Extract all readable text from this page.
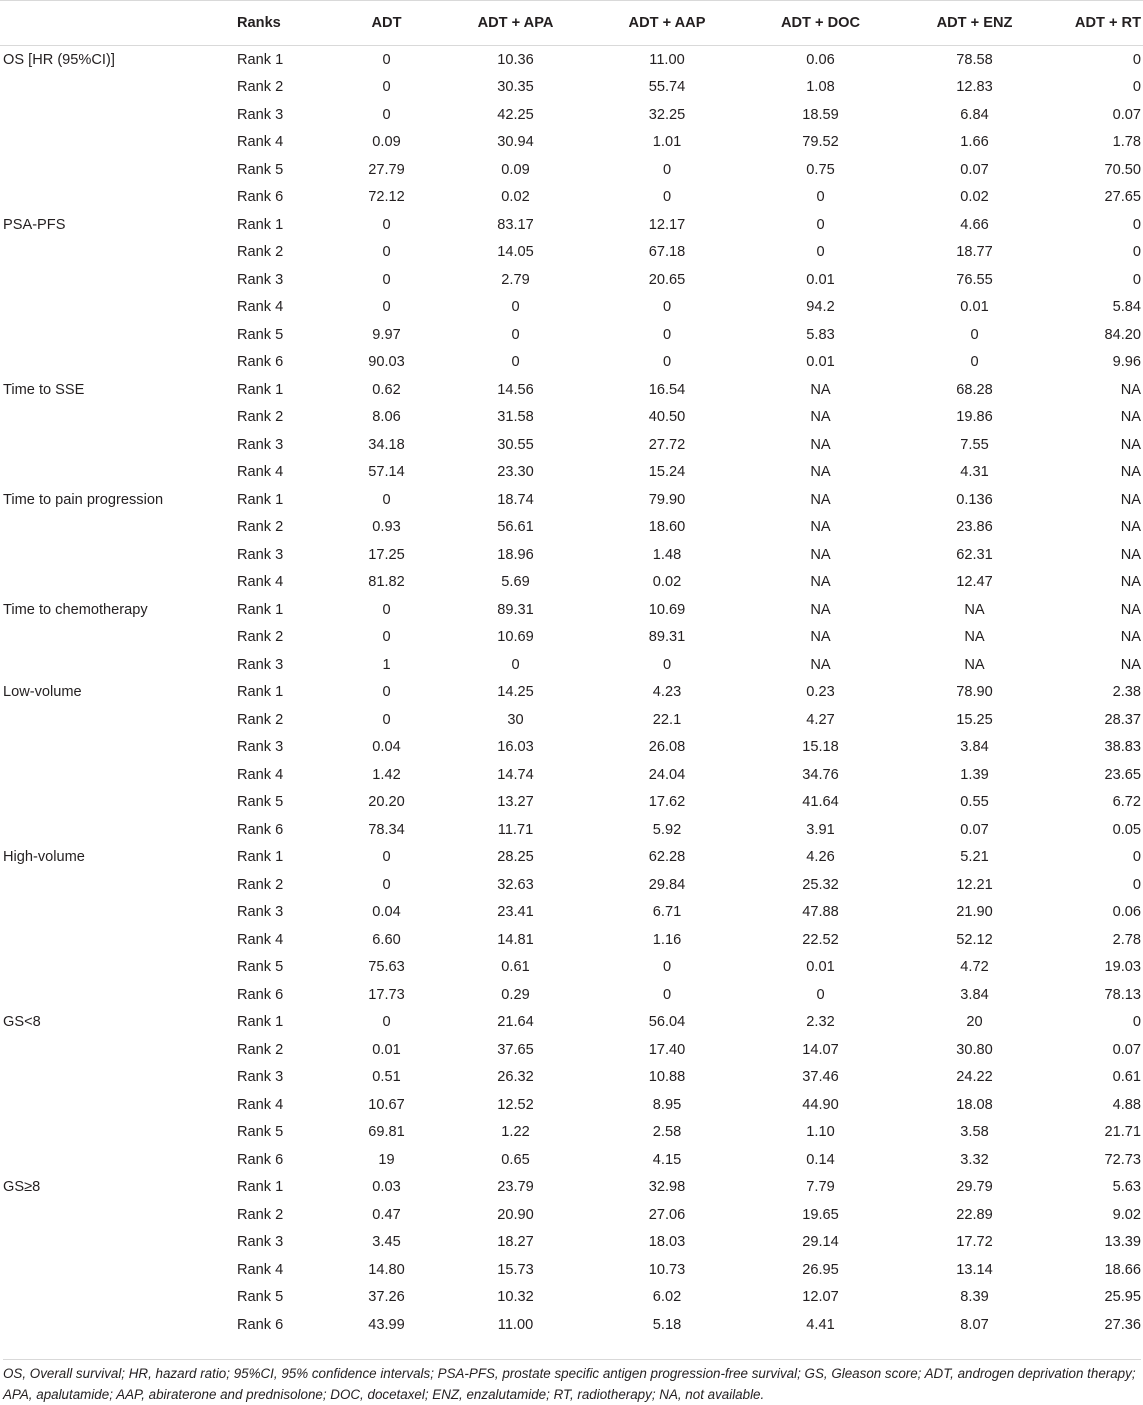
	Ranks	ADT	ADT + APA	ADT + AAP	ADT + DOC	ADT + ENZ	ADT + RT
OS [HR (95%CI)]	Rank 1	0	10.36	11.00	0.06	78.58	0
	Rank 2	0	30.35	55.74	1.08	12.83	0
	Rank 3	0	42.25	32.25	18.59	6.84	0.07
	Rank 4	0.09	30.94	1.01	79.52	1.66	1.78
	Rank 5	27.79	0.09	0	0.75	0.07	70.50
	Rank 6	72.12	0.02	0	0	0.02	27.65
PSA-PFS	Rank 1	0	83.17	12.17	0	4.66	0
	Rank 2	0	14.05	67.18	0	18.77	0
	Rank 3	0	2.79	20.65	0.01	76.55	0
	Rank 4	0	0	0	94.2	0.01	5.84
	Rank 5	9.97	0	0	5.83	0	84.20
	Rank 6	90.03	0	0	0.01	0	9.96
Time to SSE	Rank 1	0.62	14.56	16.54	NA	68.28	NA
	Rank 2	8.06	31.58	40.50	NA	19.86	NA
	Rank 3	34.18	30.55	27.72	NA	7.55	NA
	Rank 4	57.14	23.30	15.24	NA	4.31	NA
Time to pain progression	Rank 1	0	18.74	79.90	NA	0.136	NA
	Rank 2	0.93	56.61	18.60	NA	23.86	NA
	Rank 3	17.25	18.96	1.48	NA	62.31	NA
	Rank 4	81.82	5.69	0.02	NA	12.47	NA
Time to chemotherapy	Rank 1	0	89.31	10.69	NA	NA	NA
	Rank 2	0	10.69	89.31	NA	NA	NA
	Rank 3	1	0	0	NA	NA	NA
Low-volume	Rank 1	0	14.25	4.23	0.23	78.90	2.38
	Rank 2	0	30	22.1	4.27	15.25	28.37
	Rank 3	0.04	16.03	26.08	15.18	3.84	38.83
	Rank 4	1.42	14.74	24.04	34.76	1.39	23.65
	Rank 5	20.20	13.27	17.62	41.64	0.55	6.72
	Rank 6	78.34	11.71	5.92	3.91	0.07	0.05
High-volume	Rank 1	0	28.25	62.28	4.26	5.21	0
	Rank 2	0	32.63	29.84	25.32	12.21	0
	Rank 3	0.04	23.41	6.71	47.88	21.90	0.06
	Rank 4	6.60	14.81	1.16	22.52	52.12	2.78
	Rank 5	75.63	0.61	0	0.01	4.72	19.03
	Rank 6	17.73	0.29	0	0	3.84	78.13
GS<8	Rank 1	0	21.64	56.04	2.32	20	0
	Rank 2	0.01	37.65	17.40	14.07	30.80	0.07
	Rank 3	0.51	26.32	10.88	37.46	24.22	0.61
	Rank 4	10.67	12.52	8.95	44.90	18.08	4.88
	Rank 5	69.81	1.22	2.58	1.10	3.58	21.71
	Rank 6	19	0.65	4.15	0.14	3.32	72.73
GS≥8	Rank 1	0.03	23.79	32.98	7.79	29.79	5.63
	Rank 2	0.47	20.90	27.06	19.65	22.89	9.02
	Rank 3	3.45	18.27	18.03	29.14	17.72	13.39
	Rank 4	14.80	15.73	10.73	26.95	13.14	18.66
	Rank 5	37.26	10.32	6.02	12.07	8.39	25.95
	Rank 6	43.99	11.00	5.18	4.41	8.07	27.36

OS, Overall survival; HR, hazard ratio; 95%CI, 95% confidence intervals; PSA-PFS, prostate specific antigen progression-free survival; GS, Gleason score; ADT, androgen deprivation therapy; APA, apalutamide; AAP, abiraterone and prednisolone; DOC, docetaxel; ENZ, enzalutamide; RT, radiotherapy; NA, not available.
